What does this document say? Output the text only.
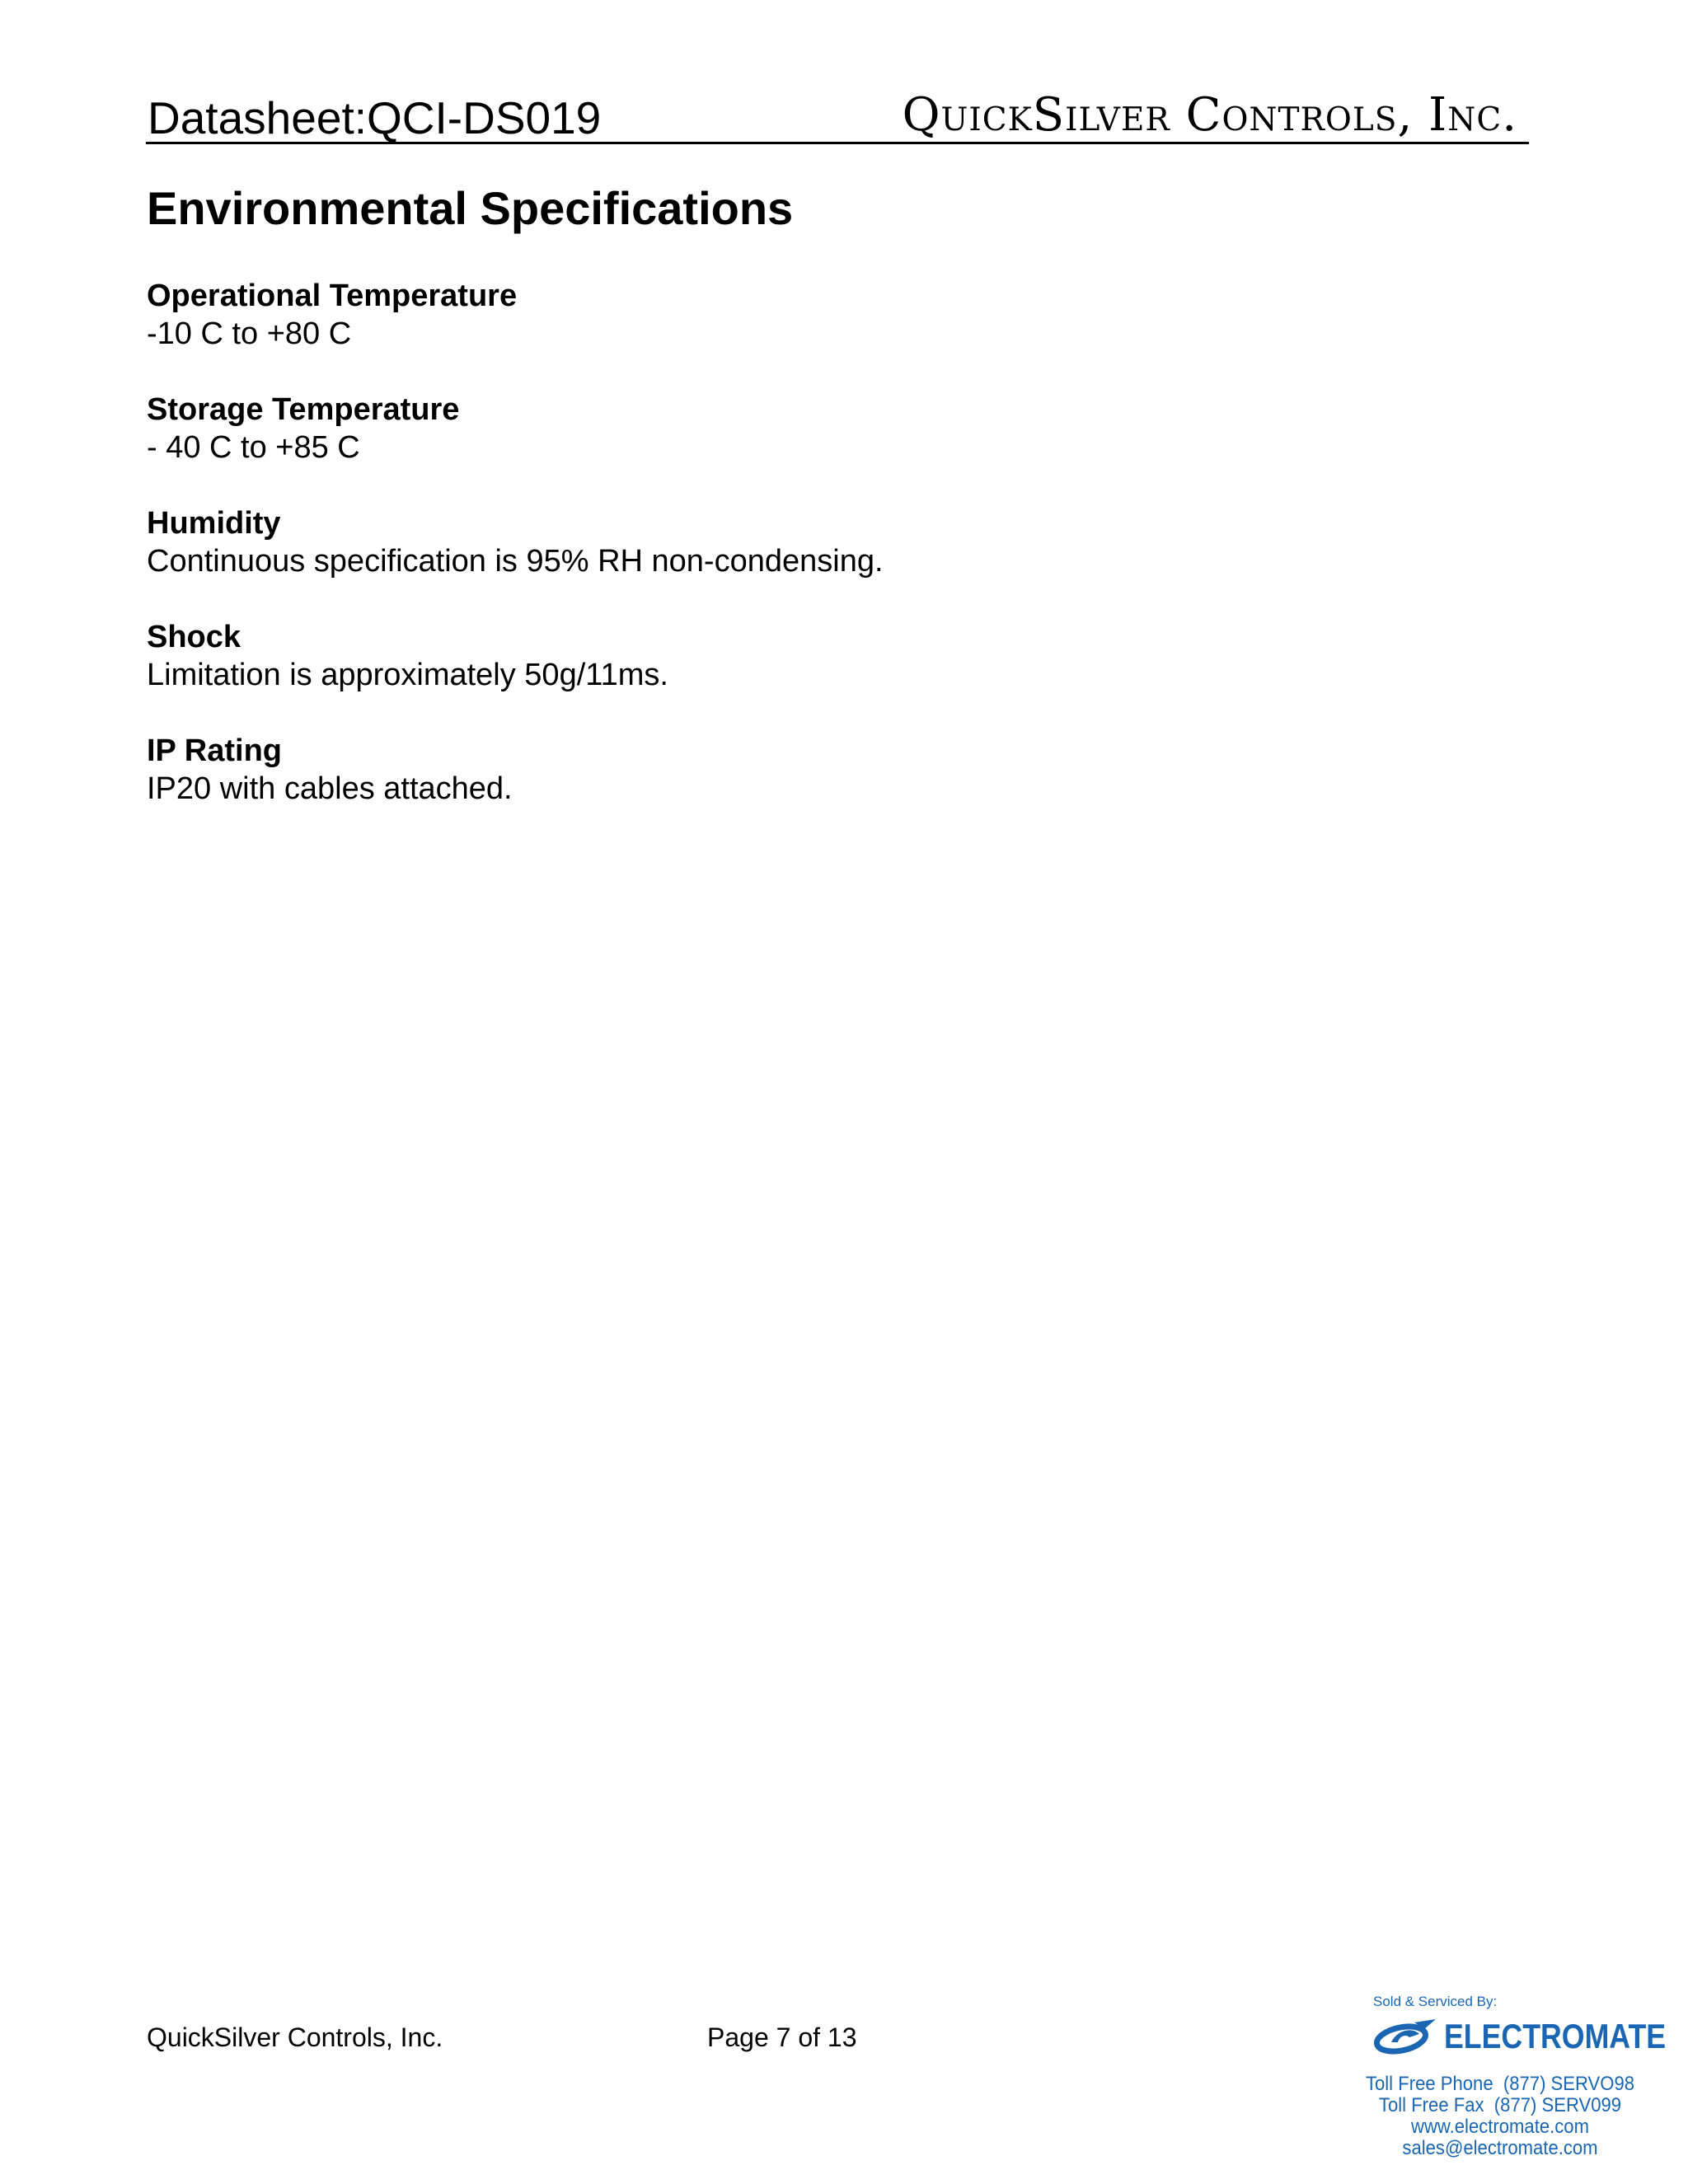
Datasheet:QCI-DS019	QuickSilver Controls, Inc.
Environmental Specifications
Operational Temperature
-10 C to +80 C
Storage Temperature
- 40 C to +85 C
Humidity
Continuous specification is 95% RH non-condensing.
Shock
Limitation is approximately 50g/11ms.
IP Rating
IP20 with cables attached.
QuickSilver Controls, Inc.	Page 7 of 13
Sold & Serviced By:
ELECTROMATE
Toll Free Phone  (877) SERVO98
Toll Free Fax  (877) SERV099
www.electromate.com
sales@electromate.com
